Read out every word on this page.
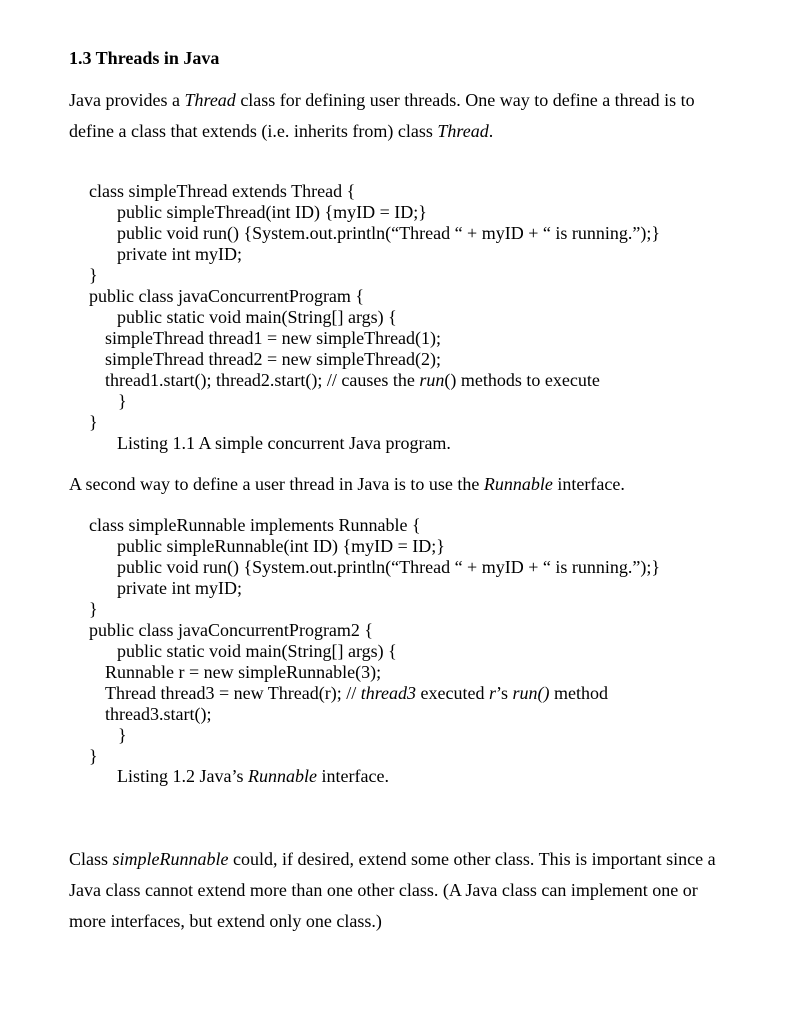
1.3 Threads in Java
Java provides a Thread class for defining user threads. One way to define a thread is to
define a class that extends (i.e. inherits from) class Thread.
class simpleThread extends Thread {
public simpleThread(int ID) {myID = ID;}
public void run() {System.out.println(“Thread “ + myID + “ is running.”);}
private int myID;
}
public class javaConcurrentProgram {
public static void main(String[] args) {
simpleThread thread1 = new simpleThread(1);
simpleThread thread2 = new simpleThread(2);
thread1.start(); thread2.start(); // causes the run() methods to execute
}
}
Listing 1.1 A simple concurrent Java program.
A second way to define a user thread in Java is to use the Runnable interface.
class simpleRunnable implements Runnable {
public simpleRunnable(int ID) {myID = ID;}
public void run() {System.out.println(“Thread “ + myID + “ is running.”);}
private int myID;
}
public class javaConcurrentProgram2 {
public static void main(String[] args) {
Runnable r = new simpleRunnable(3);
Thread thread3 = new Thread(r); // thread3 executed r’s run() method
thread3.start();
}
}
Listing 1.2 Java’s Runnable interface.
Class simpleRunnable could, if desired, extend some other class. This is important since a
Java class cannot extend more than one other class. (A Java class can implement one or
more interfaces, but extend only one class.)
